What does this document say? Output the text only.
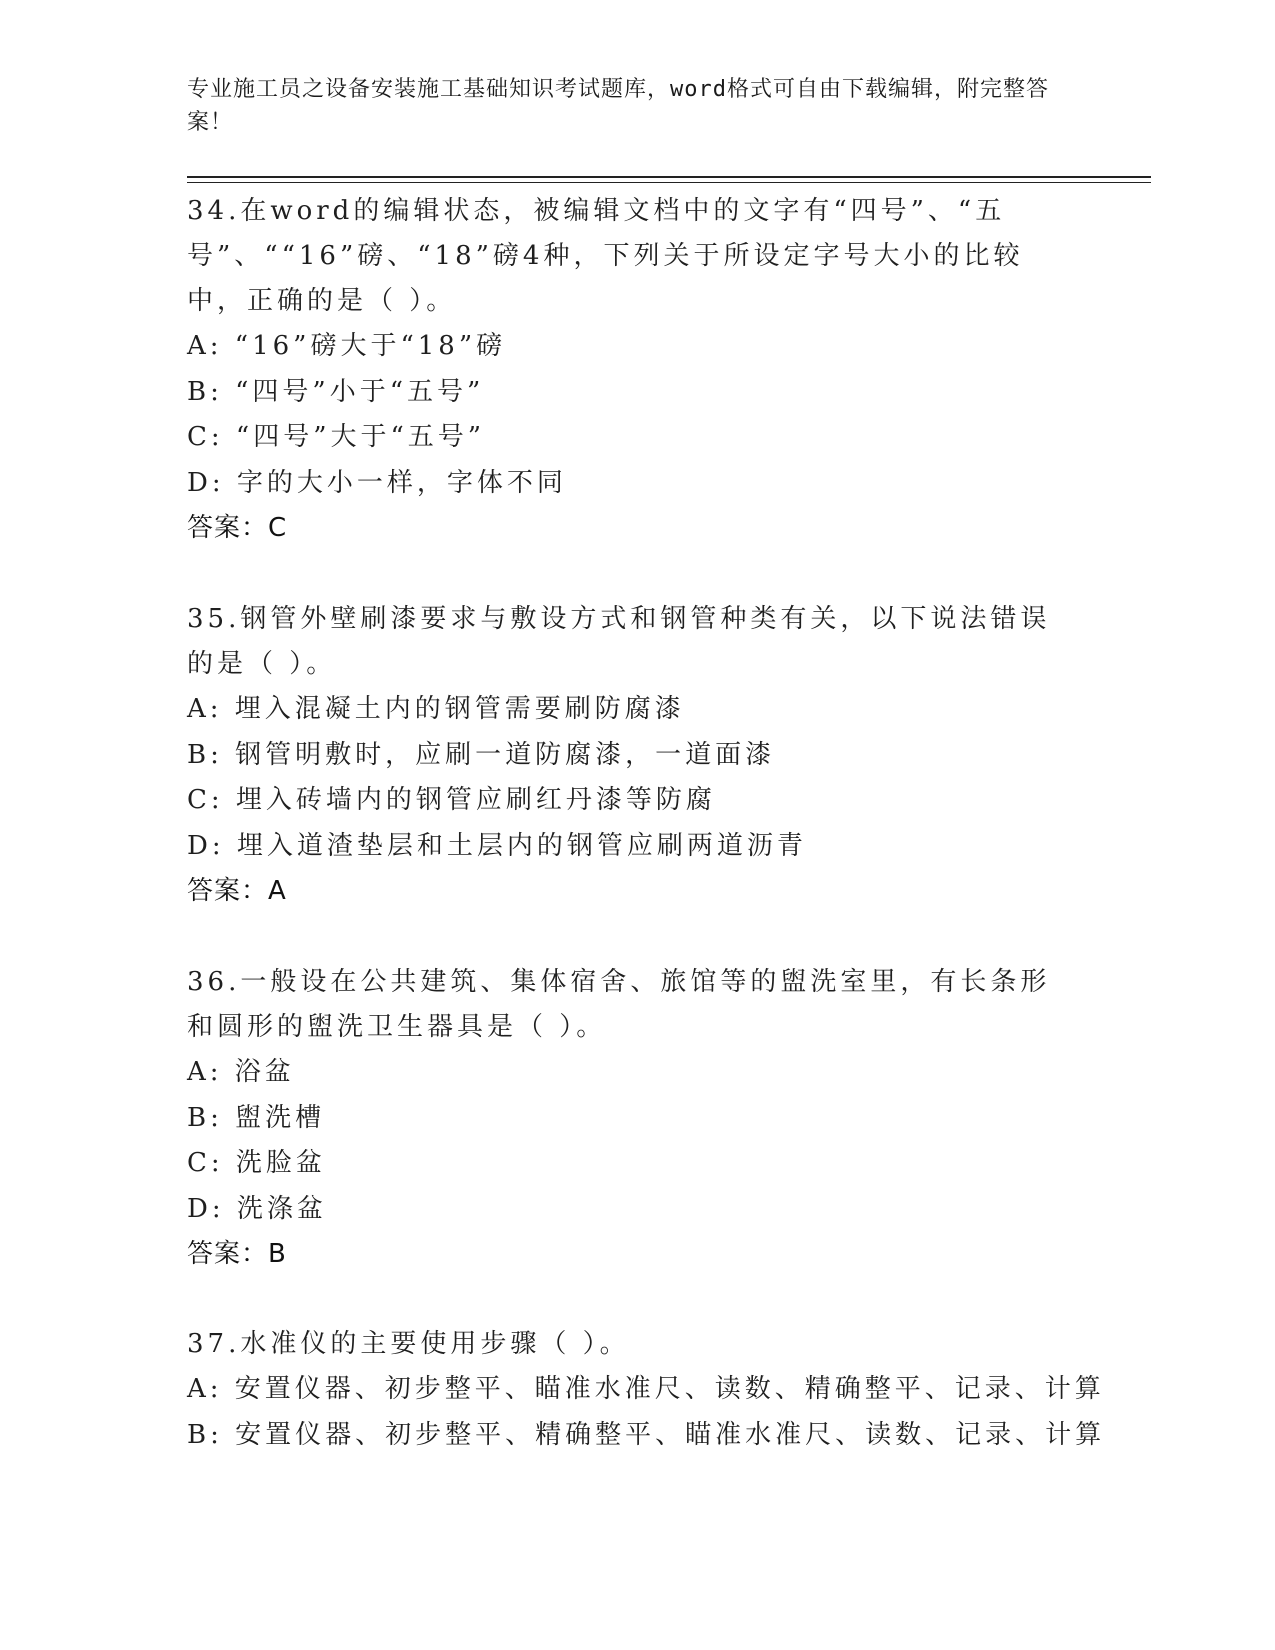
专业施工员之设备安装施工基础知识考试题库，word格式可自由下载编辑，附完整答案！
34.在word的编辑状态，被编辑文档中的文字有“四号”、“五号”、““16”磅、“18”磅4种，下列关于所设定字号大小的比较中，正确的是（ ）。
A: “16”磅大于“18”磅
B: “四号”小于“五号”
C: “四号”大于“五号”
D: 字的大小一样，字体不同
答案：C
35.钢管外壁刷漆要求与敷设方式和钢管种类有关，以下说法错误的是（ ）。
A: 埋入混凝土内的钢管需要刷防腐漆
B: 钢管明敷时，应刷一道防腐漆，一道面漆
C: 埋入砖墙内的钢管应刷红丹漆等防腐
D: 埋入道渣垫层和土层内的钢管应刷两道沥青
答案：A
36.一般设在公共建筑、集体宿舍、旅馆等的盥洗室里，有长条形和圆形的盥洗卫生器具是（ ）。
A: 浴盆
B: 盥洗槽
C: 洗脸盆
D: 洗涤盆
答案：B
37.水准仪的主要使用步骤（ ）。
A: 安置仪器、初步整平、瞄准水准尺、读数、精确整平、记录、计算
B: 安置仪器、初步整平、精确整平、瞄准水准尺、读数、记录、计算
